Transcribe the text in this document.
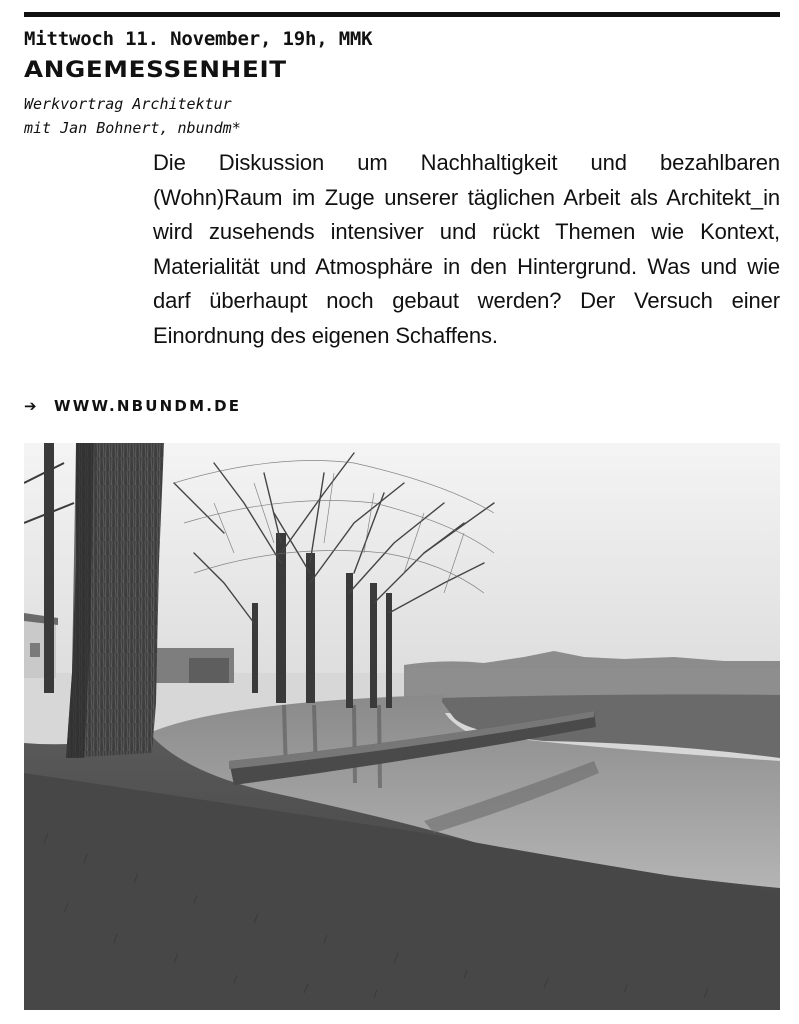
Mittwoch 11. November, 19h, MMK
ANGEMESSENHEIT
Werkvortrag Architektur
mit Jan Bohnert, nbundm*

Die Diskussion um Nachhaltigkeit und bezahlbaren (Wohn)Raum im Zuge unserer täglichen Arbeit als Architekt_in wird zusehends intensiver und rückt Themen wie Kontext, Materialität und Atmosphäre in den Hintergrund. Was und wie darf überhaupt noch gebaut werden? Der Versuch einer Einordnung des eigenen Schaffens.

➔	WWW.NBUNDM.DE
